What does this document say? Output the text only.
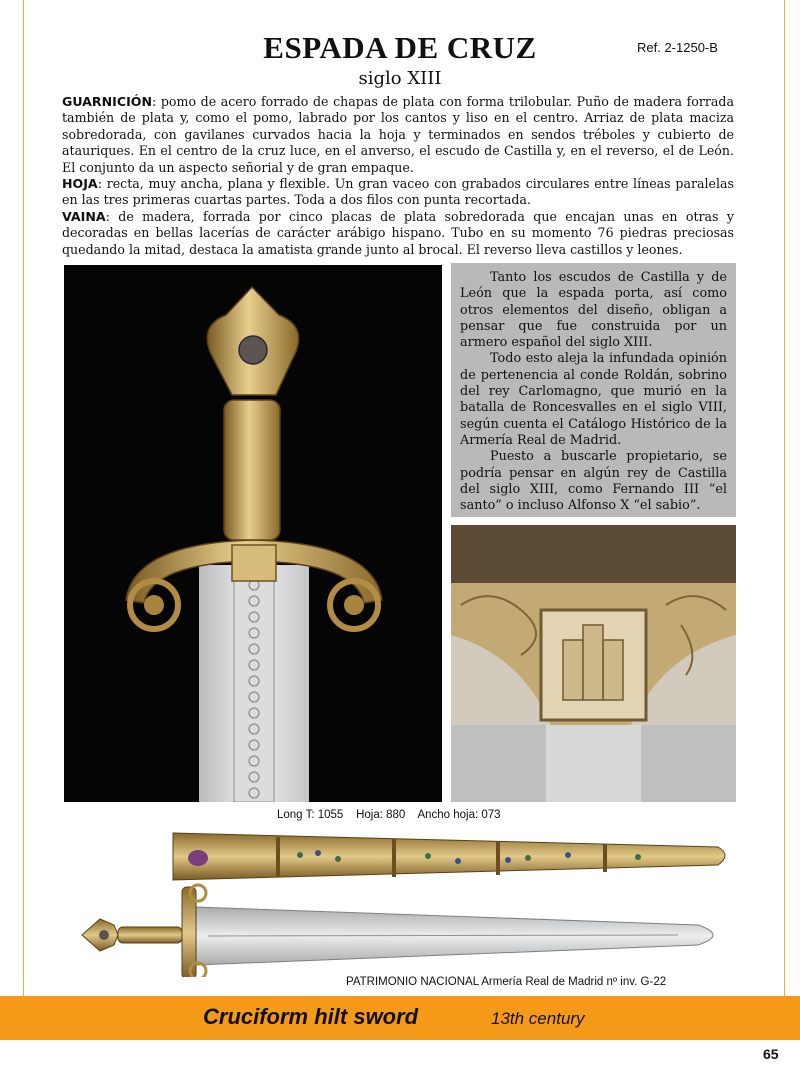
ESPADA DE CRUZ
siglo XIII
Ref. 2-1250-B

GUARNICIÓN: pomo de acero forrado de chapas de plata con forma trilobular. Puño de madera forrada también de plata y, como el pomo, labrado por los cantos y liso en el centro. Arriaz de plata maciza sobredorada, con gavilanes curvados hacia la hoja y terminados en sendos tréboles y cubierto de atauriques. En el centro de la cruz luce, en el anverso, el escudo de Castilla y, en el reverso, el de León. El conjunto da un aspecto señorial y de gran empaque.

HOJA: recta, muy ancha, plana y flexible. Un gran vaceo con grabados circulares entre líneas paralelas en las tres primeras cuartas partes. Toda a dos filos con punta recortada.

VAINA: de madera, forrada por cinco placas de plata sobredorada que encajan unas en otras y decoradas en bellas lacerías de carácter arábigo hispano. Tubo en su momento 76 piedras preciosas quedando la mitad, destaca la amatista grande junto al brocal. El reverso lleva castillos y leones.

Tanto los escudos de Castilla y de León que la espada porta, así como otros elementos del diseño, obligan a pensar que fue construida por un armero español del siglo XIII.

Todo esto aleja la infundada opinión de pertenencia al conde Roldán, sobrino del rey Carlomagno, que murió en la batalla de Roncesvalles en el siglo VIII, según cuenta el Catálogo Histórico de la Armería Real de Madrid.

Puesto a buscarle propietario, se podría pensar en algún rey de Castilla del siglo XIII, como Fernando III “el santo” o incluso Alfonso X “el sabio”.

Long T: 1055    Hoja: 880    Ancho hoja: 073
PATRIMONIO NACIONAL Armería Real de Madrid nº inv. G-22
Cruciform hilt sword	13th century
65
